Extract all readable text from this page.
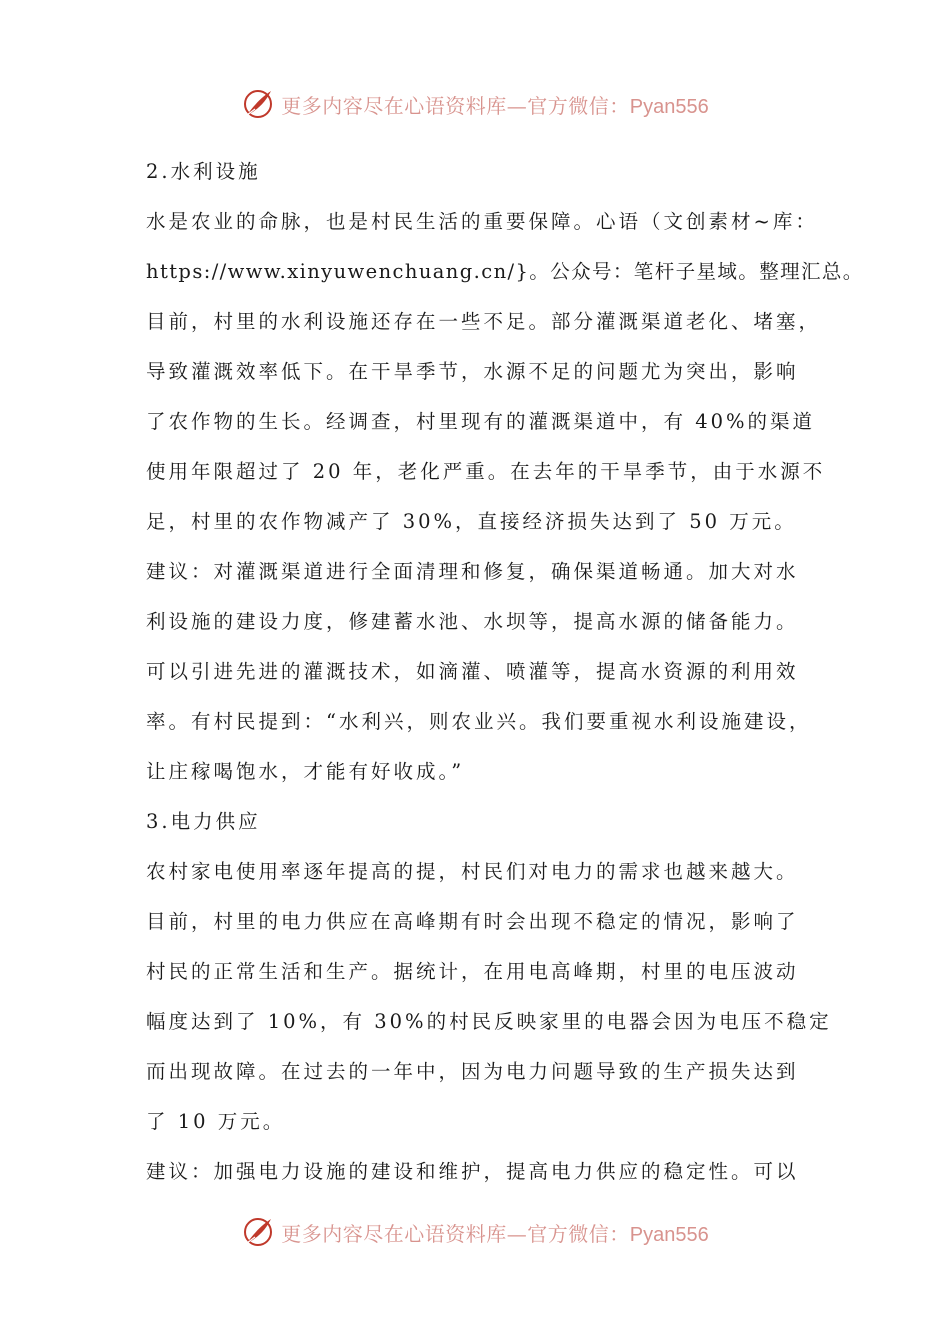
更多内容尽在心语资料库—官方微信：Pyan556
2.水利设施
水是农业的命脉，也是村民生活的重要保障。心语（文创素材~库：
https://www.xinyuwenchuang.cn/}。公众号：笔杆子星域。整理汇总。
目前，村里的水利设施还存在一些不足。部分灌溉渠道老化、堵塞，
导致灌溉效率低下。在干旱季节，水源不足的问题尤为突出，影响
了农作物的生长。经调查，村里现有的灌溉渠道中，有 40%的渠道
使用年限超过了 20 年，老化严重。在去年的干旱季节，由于水源不
足，村里的农作物减产了 30%，直接经济损失达到了 50 万元。
建议：对灌溉渠道进行全面清理和修复，确保渠道畅通。加大对水
利设施的建设力度，修建蓄水池、水坝等，提高水源的储备能力。
可以引进先进的灌溉技术，如滴灌、喷灌等，提高水资源的利用效
率。有村民提到：“水利兴，则农业兴。我们要重视水利设施建设，
让庄稼喝饱水，才能有好收成。”
3.电力供应
农村家电使用率逐年提高的提，村民们对电力的需求也越来越大。
目前，村里的电力供应在高峰期有时会出现不稳定的情况，影响了
村民的正常生活和生产。据统计，在用电高峰期，村里的电压波动
幅度达到了 10%，有 30%的村民反映家里的电器会因为电压不稳定
而出现故障。在过去的一年中，因为电力问题导致的生产损失达到
了 10 万元。
建议：加强电力设施的建设和维护，提高电力供应的稳定性。可以
更多内容尽在心语资料库—官方微信：Pyan556
